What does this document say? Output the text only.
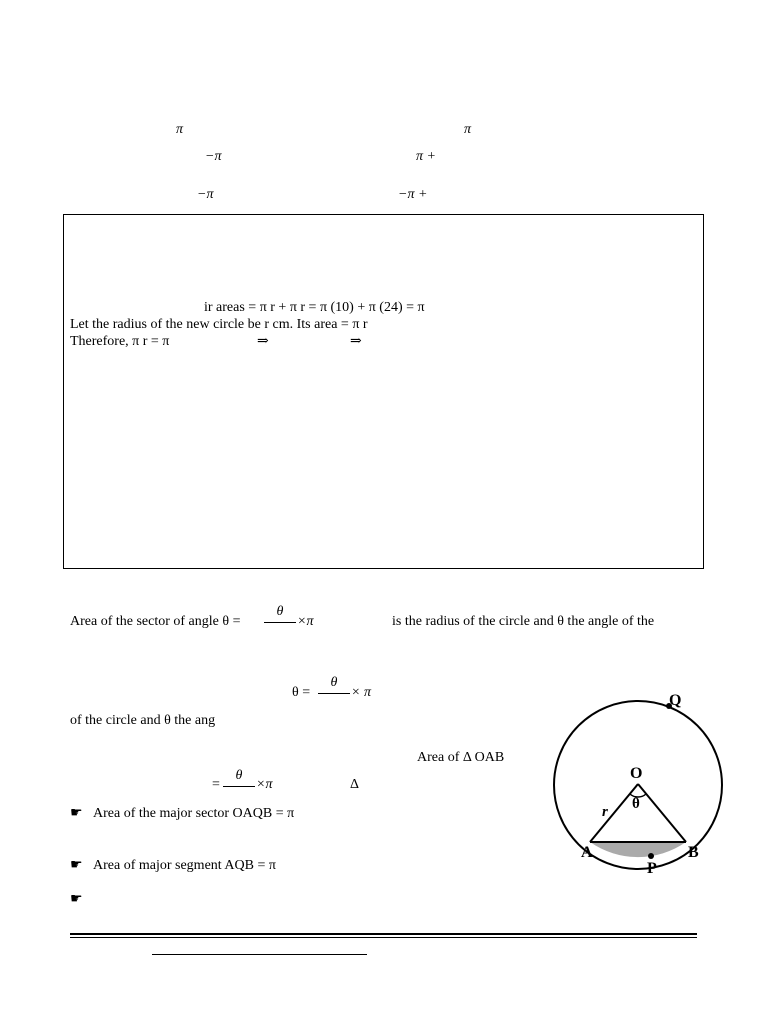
π	π
−π	π +
−π	−π +
ir areas = π r + π r = π (10) + π (24) = π
Let the radius of the new circle be r cm. Its area = π r
Therefore, π r = π	⇒	⇒
Area of the sector of angle θ =
θ
×π	is the radius of the circle and θ the angle of the
θ =
θ
× π
of the circle and θ the ang
Area of Δ OAB
=
θ
×π	Δ
☛ Area of the major sector OAQB = π
☛ Area of major segment AQB = π
☛
Q
O
θ
r
A	B
P
